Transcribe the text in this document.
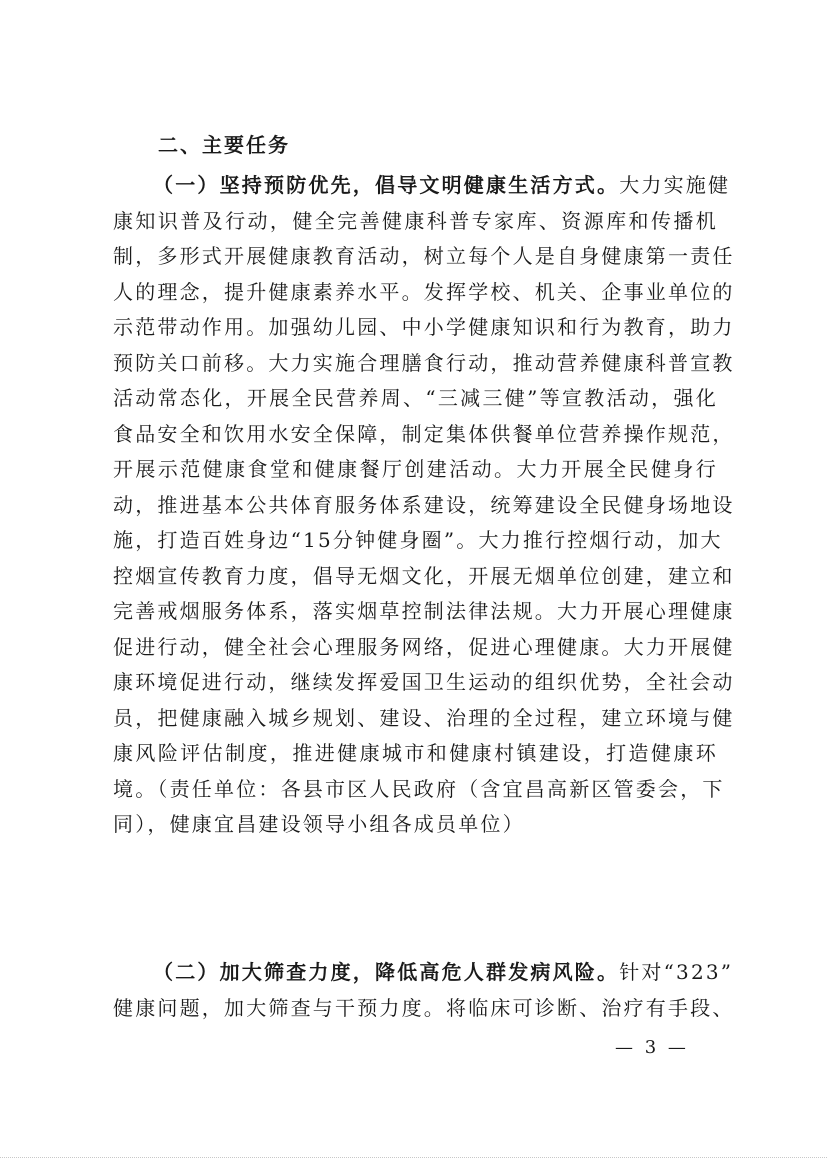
二、主要任务
（一）坚持预防优先，倡导文明健康生活方式。大力实施健
康知识普及行动，健全完善健康科普专家库、资源库和传播机
制，多形式开展健康教育活动，树立每个人是自身健康第一责任
人的理念，提升健康素养水平。发挥学校、机关、企事业单位的
示范带动作用。加强幼儿园、中小学健康知识和行为教育，助力
预防关口前移。大力实施合理膳食行动，推动营养健康科普宣教
活动常态化，开展全民营养周、“三减三健”等宣教活动，强化
食品安全和饮用水安全保障，制定集体供餐单位营养操作规范，
开展示范健康食堂和健康餐厅创建活动。大力开展全民健身行
动，推进基本公共体育服务体系建设，统筹建设全民健身场地设
施，打造百姓身边“15分钟健身圈”。大力推行控烟行动，加大
控烟宣传教育力度，倡导无烟文化，开展无烟单位创建，建立和
完善戒烟服务体系，落实烟草控制法律法规。大力开展心理健康
促进行动，健全社会心理服务网络，促进心理健康。大力开展健
康环境促进行动，继续发挥爱国卫生运动的组织优势，全社会动
员，把健康融入城乡规划、建设、治理的全过程，建立环境与健
康风险评估制度，推进健康城市和健康村镇建设，打造健康环
境。（责任单位：各县市区人民政府（含宜昌高新区管委会，下
同），健康宜昌建设领导小组各成员单位）
（二）加大筛查力度，降低高危人群发病风险。针对“323”
健康问题，加大筛查与干预力度。将临床可诊断、治疗有手段、
— 3 —
